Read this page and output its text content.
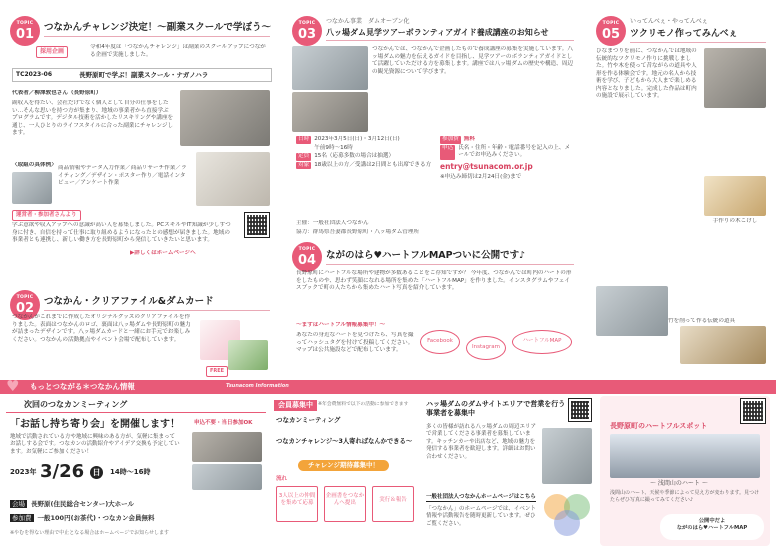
TOPIC
01	つなかんチャレンジ決定！～副業スクールで学ぼう～
採用企画
令和4年度は「つなかんチャレンジ」は副業のスクールアップにつながる企画で実施しました。
TC2023-06	長野原町で学ぶ！副業スクール・ナガノハラ
代表者／柳澤敦也さん（長野原町）
副収入を得たい、会社だけでなく個人として自分の仕事をしたい…そんな思いを持つ方が集まり、地域の事業者から直接学ぶプログラムです。デジタル技術を活かしたリスキリングや講座を通じ、一人ひとりのライフスタイルに合った副業にチャレンジします。
〈取組の具体例〉 商品情報やデータ入力作業／商品リサーチ作業／ライティング／デザイン・ポスター作り／電話インタビュー／アンケート作業
運営者・参加者さんより
学ぶ意欲や収入アップへの意識が高い人を募集しました。PCスキルやIT知識が少しずつ身に付き、自信を持って仕事に取り組めるようになったとの感想が届きました。地域の事業者とも連携し、新しい働き方を長野原町から発信していきたいと思います。
▶詳しくはホームページへ
TOPIC
02	つなかん・クリアファイル&ダムカード
つなかんがこれまでに作成したオリジナルグッズのクリアファイルを作りました。表面はつなかんのロゴ、裏面は八ッ場ダムや長野原町の魅力が詰まったデザインです。八ッ場ダムカードと一緒にお手元でお楽しみください。つなかんの活動拠点やイベント会場で配布しています。
FREE
TOPIC
03
つなかん事業　ダムオーブン化
八ッ場ダム見学ツアーボランティアガイド養成講座のお知らせ
つなかんでは、つなかんで企画したもので養成講座の募集を実施しています。八ッ場ダムの魅力を伝えるガイドを目指し、見学ツアーのボランティアガイドとして活躍していただける方を募集します。講座では八ッ場ダムの歴史や構造、周辺の観光資源について学びます。
日時 2023年3月5日(日)・3月12日(日)
午前9時～16時
定員 15名（応募多数の場合は抽選）
対象 18歳以上の方／受講は2日間とも出席できる方
参加費 無料
申込 氏名・住所・年齢・電話番号を記入の上、メールでお申込みください。
entry@tsunacom.or.jp
※申込み締切は2月24日(金)まで
主催：一般社団法人つなかん
協力：群馬県吾妻郡長野原町・八ッ場ダム管理所
TOPIC
04	ながのはら♥ハートフルMAPついに公開です♪
長野原町にハートフルな場所や建物が多数あることをご存知ですか？ 今年度、つなかんでは町内のハートの形をしたものや、思わず笑顔になれる場所を集めた「ハートフルMAP」を作りました。インスタグラムやフェイスブックで町の人たちから集めたハート写真を紹介しています。
～まずはハートフル情報募集中！～
あなたの身近なハートを見つけたら、写真を撮ってハッシュタグを付けて投稿してください。マップは公共施設などで配布しています。
Facebook
Instagram
ハートフルMAP
TOPIC
05
いってんべぇ・やってんべぇ
ツクリモノ作ってみんべぇ
ひなまつりを前に、つなかんでは地域の伝統的なツクリモノ作りに挑戦しました。竹や木を使って昔ながらの道具や人形を作る体験会です。地元の名人から技術を学び、子どもから大人まで楽しめる内容となりました。完成した作品は町内の施設で展示しています。
手作りの木こけし
竹を削って作る伝統の道具
もっとつながる＊つなかん情報	Tsunacom Information
♥
次回のつなカンミーティング
「お話し持ち寄り会」を開催します！	申込不要・当日参加OK
地域で活動されている方や地域に興味のある方が、気軽に集まってお話しする会です。つなカンの活動紹介やアイデア交換も予定しています。お気軽にご参加ください！
2023年 3/26	日	14時～16時
会場 長野原(住民総合センター)大ホール
参加費 一般100円(お茶代)・つなカン会員無料
※やむを得ない理由で中止となる場合はホームページでお知らせします
会員募集中	※年会費無料で以下の活動に参加できます
つなカンミーティング
つなカンチャレンジ～3人寄ればなんかできる～
チャレンジ期待募集中！
流れ
3人以上の仲間を集めて応募
企画書をつなかんへ提出
実行＆報告
ハッ場ダムのダムサイトエリアで営業を行う事業者を募集中
多くの皆様が訪れる八ッ場ダムの周辺エリアで営業してくださる事業者を募集しています。キッチンカーや出店など、地域の魅力を発信する事業者を歓迎します。詳細はお問い合わせください。
一般社団法人つなかんホームページはこちら
「つなかん」のホームページでは、イベント情報や活動報告を随時更新しています。ぜひご覧ください。
長野原町のハートフルスポット
～ 浅間山のハート ～
浅間山のハート、天候や季節によって見え方が変わります。見つけたらぜひ写真に撮ってみてください♪
公開中だよ
ながのはら♥ハートフルMAP
